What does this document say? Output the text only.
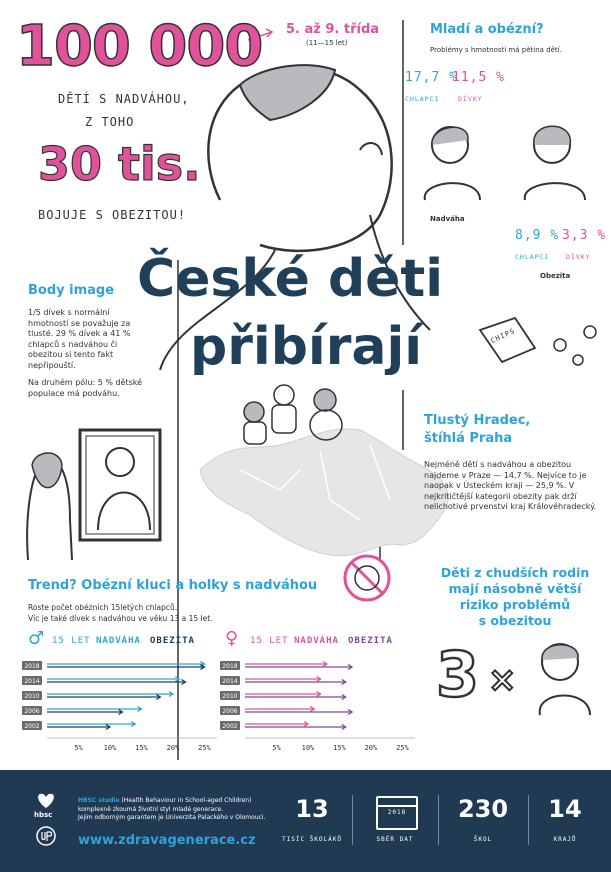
100 000
DĚTÍ S NADVÁHOU,
Z TOHO
30 tis.
BOJUJE S OBEZITOU!
5. až 9. třída
(11—15 let)
České děti
přibírají
Mladí a obézní?
Problémy s hmotností má pětina dětí.
17,7 %
11,5 %
CHLAPCI	DÍVKY
Nadváha
8,9 % 3,3 %
CHLAPCI	DÍVKY
Obezita
Body image
1/5 dívek s normální hmotností se považuje za tlusté. 29 % dívek a 41 % chlapců s nadváhou či obezitou si tento fakt nepřipouští.
Na druhém pólu: 5 % dětské populace má podváhu.
CHIPS
Tlustý Hradec,
štíhlá Praha
Nejméně dětí s nadváhou a obezitou najdeme v Praze — 14,7 %. Nejvíce to je naopak v Ústeckém kraji — 25,9 %. V nejkritičtější kategorii obezity pak drží nelichotivé prvenství kraj Královéhradecký.
Děti z chudších rodin
mají násobně větší
riziko problémů
s obezitou
3 ×
Trend? Obézní kluci a holky s nadváhou
Roste počet obézních 15letých chlapců.
Víc je také dívek s nadváhou ve věku 13 a 15 let.
♂ 15 LET NADVÁHA OBEZITA ♀ 15 LET NADVÁHA OBEZITA
2018
2014
2010
2006
2002
5%	10%	15%	20%	25%
2018
2014
2010
2006
2002
5%	10%	15%	20%	25%
hbsc
HBSC studie (Health Behaviour in School-aged Children)
komplexně zkoumá životní styl mladé generace.
Jejím odborným garantem je Univerzita Palackého v Olomouci.
www.zdravagenerace.cz
13
TISÍC ŠKOLÁKŮ
2018
SBĚR DAT
230
ŠKOL
14
KRAJŮ
